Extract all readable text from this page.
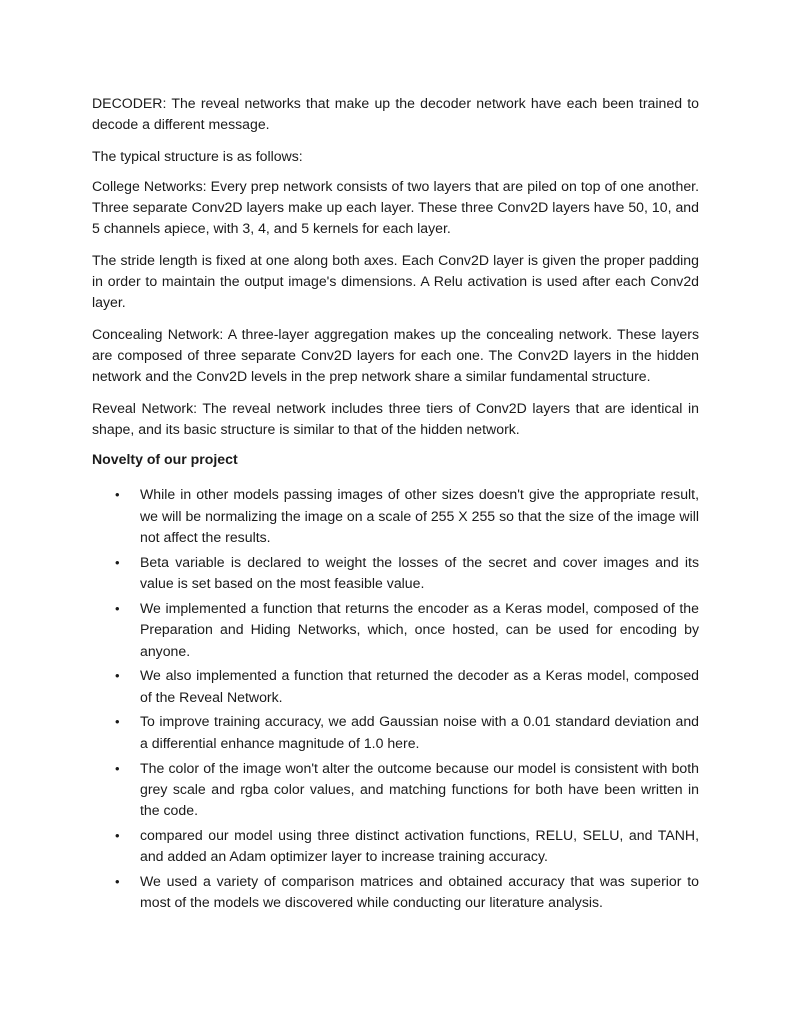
DECODER: The reveal networks that make up the decoder network have each been trained to decode a different message.

The typical structure is as follows:

College Networks: Every prep network consists of two layers that are piled on top of one another. Three separate Conv2D layers make up each layer. These three Conv2D layers have 50, 10, and 5 channels apiece, with 3, 4, and 5 kernels for each layer.

The stride length is fixed at one along both axes. Each Conv2D layer is given the proper padding in order to maintain the output image's dimensions. A Relu activation is used after each Conv2d layer.

Concealing Network: A three-layer aggregation makes up the concealing network. These layers are composed of three separate Conv2D layers for each one. The Conv2D layers in the hidden network and the Conv2D levels in the prep network share a similar fundamental structure.

Reveal Network: The reveal network includes three tiers of Conv2D layers that are identical in shape, and its basic structure is similar to that of the hidden network.

Novelty of our project

• While in other models passing images of other sizes doesn't give the appropriate result, we will be normalizing the image on a scale of 255 X 255 so that the size of the image will not affect the results.
• Beta variable is declared to weight the losses of the secret and cover images and its value is set based on the most feasible value.
• We implemented a function that returns the encoder as a Keras model, composed of the Preparation and Hiding Networks, which, once hosted, can be used for encoding by anyone.
• We also implemented a function that returned the decoder as a Keras model, composed of the Reveal Network.
• To improve training accuracy, we add Gaussian noise with a 0.01 standard deviation and a differential enhance magnitude of 1.0 here.
• The color of the image won't alter the outcome because our model is consistent with both grey scale and rgba color values, and matching functions for both have been written in the code.
• compared our model using three distinct activation functions, RELU, SELU, and TANH, and added an Adam optimizer layer to increase training accuracy.
• We used a variety of comparison matrices and obtained accuracy that was superior to most of the models we discovered while conducting our literature analysis.
